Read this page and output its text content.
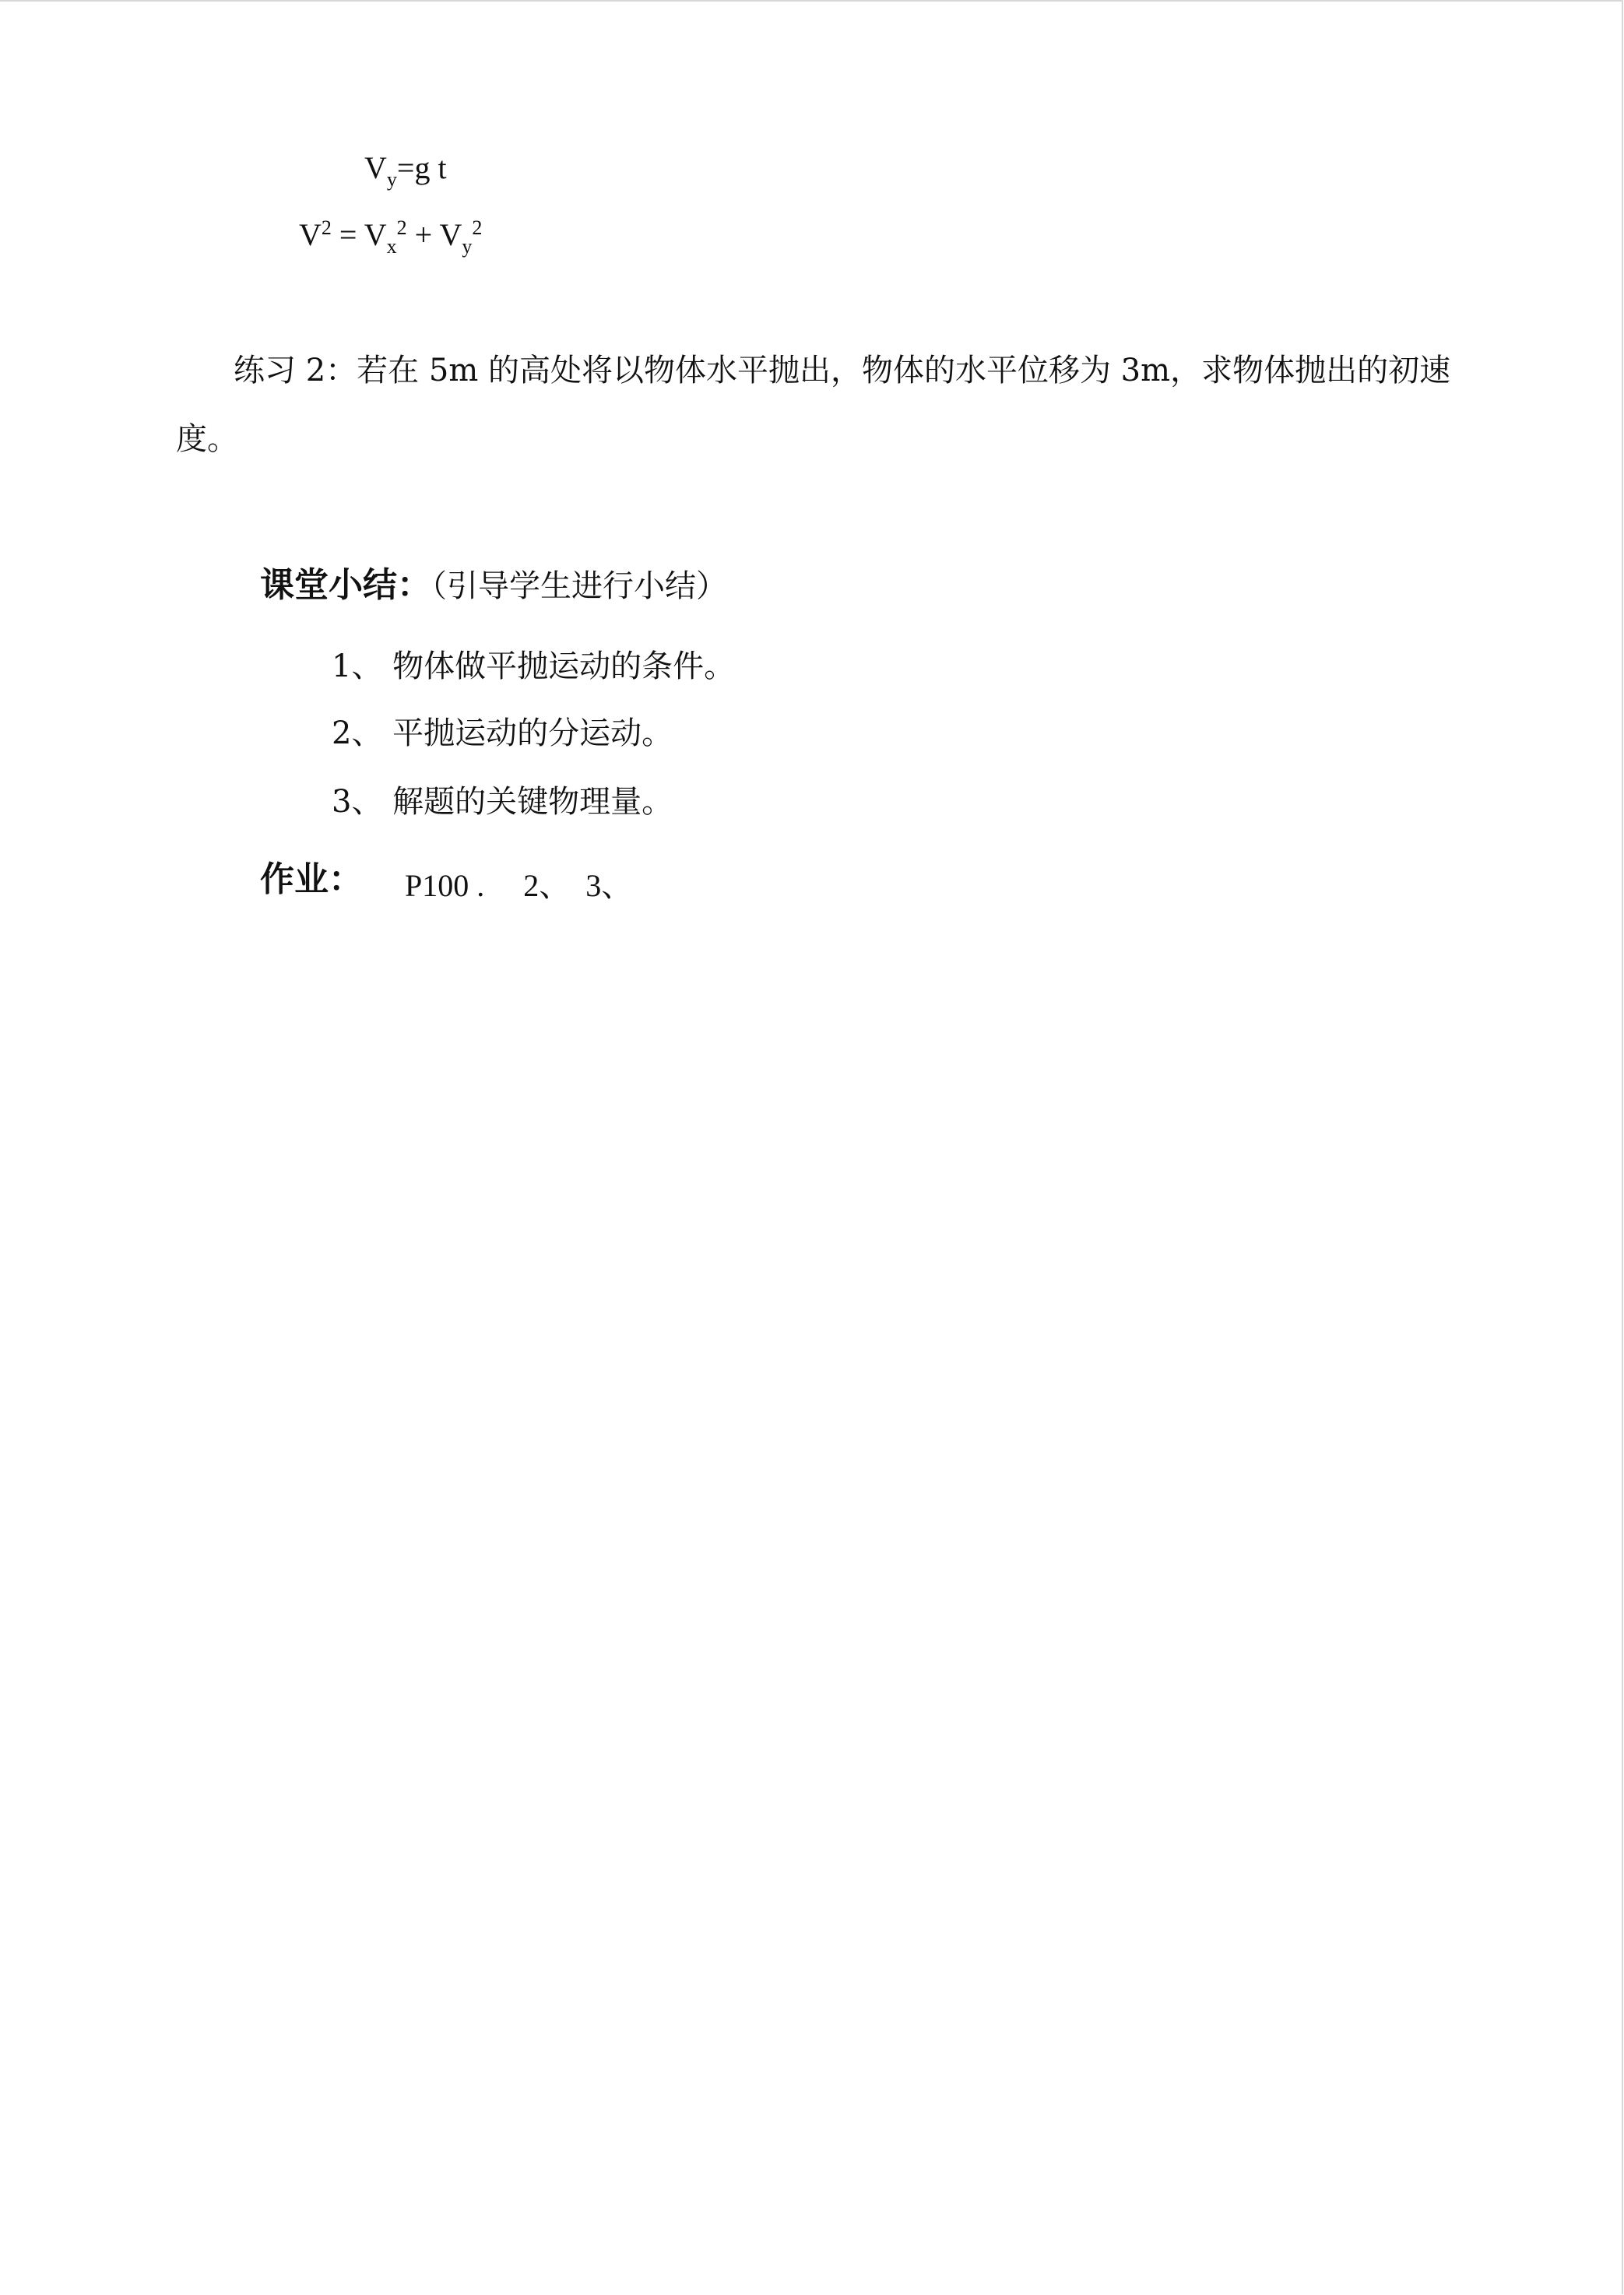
$V_y=g$ t
$V^2 = V_x^2 + V_y^2$
练习 2：若在 5m 的高处将以物体水平抛出，物体的水平位移为 3m，求物体抛出的初速
度。
课堂小结：（引导学生进行小结）
1、 物体做平抛运动的条件。
2、 平抛运动的分运动。
3、 解题的关键物理量。
作业： P100 .     2、  3、
